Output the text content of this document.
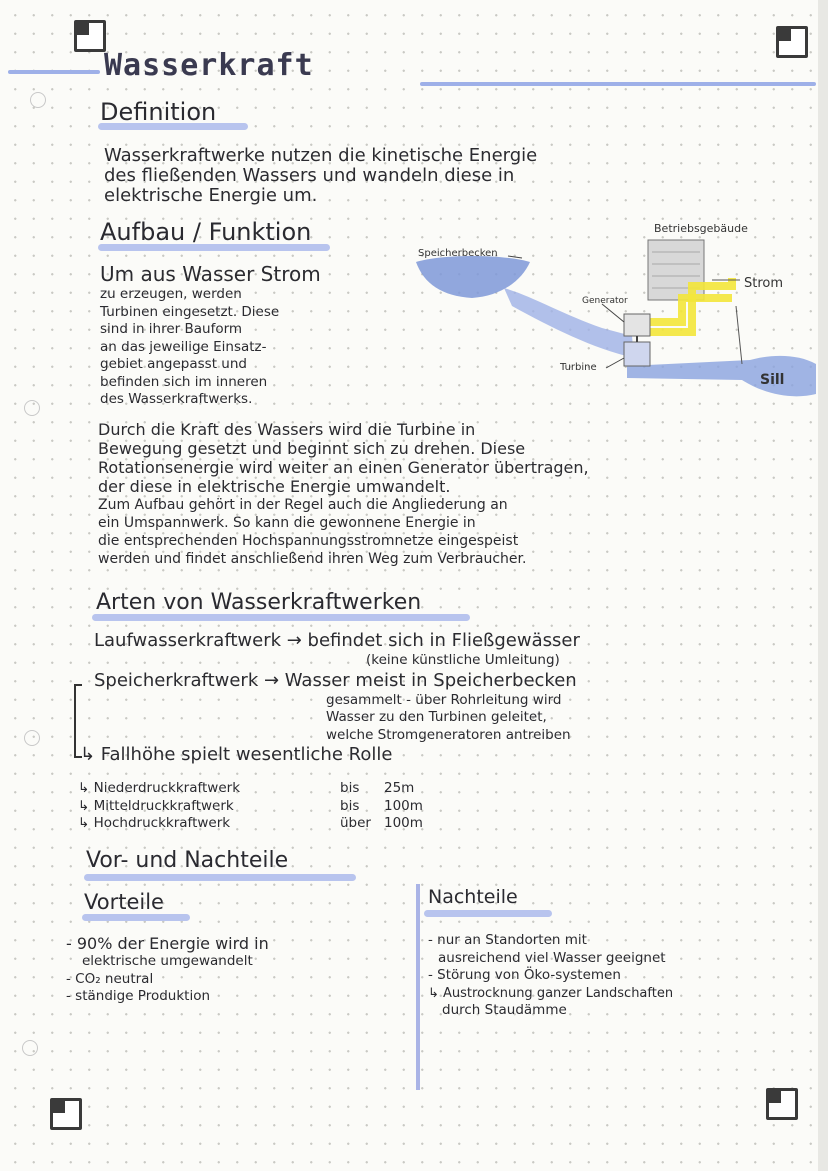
Wasserkraft
Definition
Wasserkraftwerke nutzen die kinetische Energie
des fließenden Wassers und wandeln diese in
elektrische Energie um.
Aufbau / Funktion
Um aus Wasser Strom
zu erzeugen, werden
Turbinen eingesetzt. Diese
sind in ihrer Bauform
an das jeweilige Einsatz-
gebiet angepasst und
befinden sich im inneren
des Wasserkraftwerks.
Speicherbecken
Betriebsgebäude
Generator
Turbine
Strom
Sill
Durch die Kraft des Wassers wird die Turbine in
Bewegung gesetzt und beginnt sich zu drehen. Diese
Rotationsenergie wird weiter an einen Generator übertragen,
der diese in elektrische Energie umwandelt.
Zum Aufbau gehört in der Regel auch die Angliederung an
ein Umspannwerk. So kann die gewonnene Energie in
die entsprechenden Hochspannungsstromnetze eingespeist
werden und findet anschließend ihren Weg zum Verbraucher.
Arten von Wasserkraftwerken
Laufwasserkraftwerk → befindet sich in Fließgewässer
(keine künstliche Umleitung)
Speicherkraftwerk → Wasser meist in Speicherbecken
gesammelt - über Rohrleitung wird
Wasser zu den Turbinen geleitet,
welche Stromgeneratoren antreiben
↳ Fallhöhe spielt wesentliche Rolle
↳ Niederdruckkraftwerk	bis	25m
↳ Mitteldruckkraftwerk	bis	100m
↳ Hochdruckkraftwerk	über 100m
Vor- und Nachteile
Vorteile	Nachteile
- 90% der Energie wird in
elektrische umgewandelt
- CO₂ neutral
- ständige Produktion
- nur an Standorten mit
ausreichend viel Wasser geeignet
- Störung von Öko-systemen
↳ Austrocknung ganzer Landschaften
durch Staudämme
